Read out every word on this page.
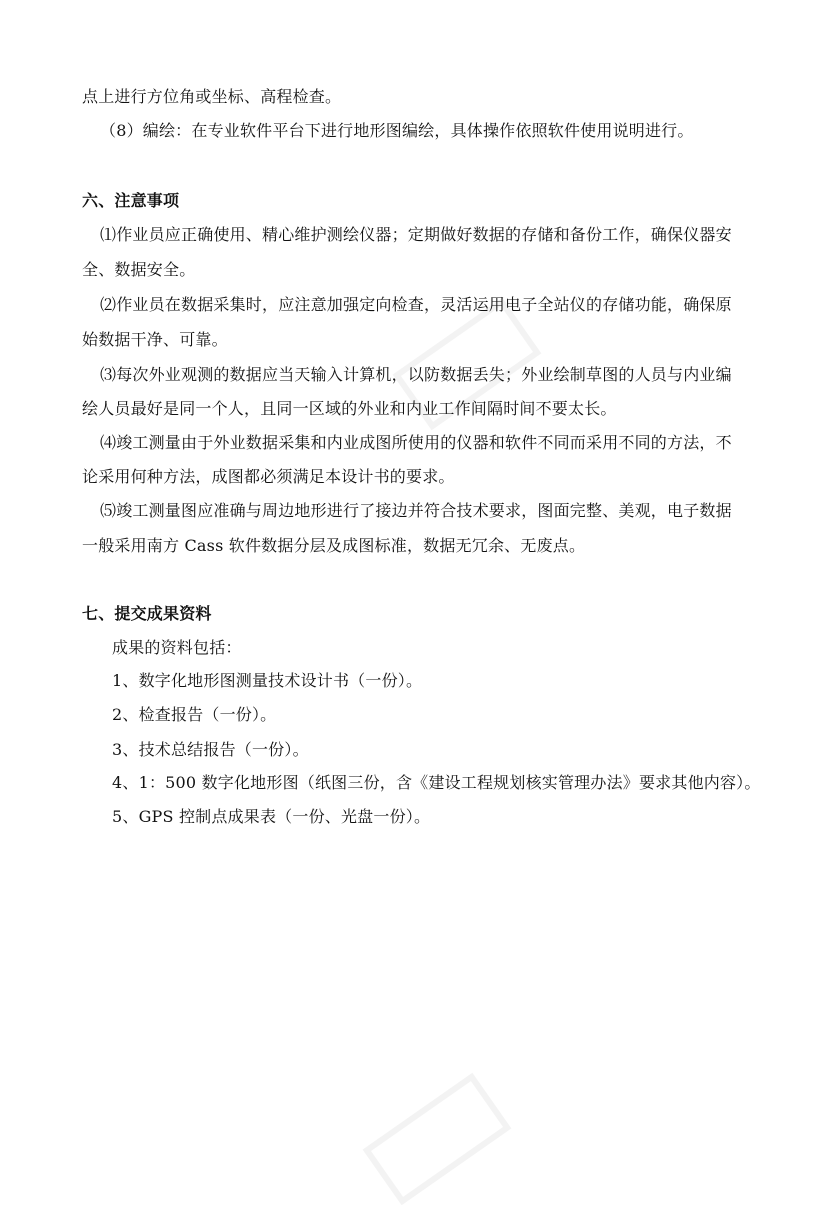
点上进行方位角或坐标、高程检查。
（8）编绘：在专业软件平台下进行地形图编绘，具体操作依照软件使用说明进行。
六、注意事项
⑴作业员应正确使用、精心维护测绘仪器；定期做好数据的存储和备份工作，确保仪器安
全、数据安全。
⑵作业员在数据采集时，应注意加强定向检查，灵活运用电子全站仪的存储功能，确保原
始数据干净、可靠。
⑶每次外业观测的数据应当天输入计算机，以防数据丢失；外业绘制草图的人员与内业编
绘人员最好是同一个人，且同一区域的外业和内业工作间隔时间不要太长。
⑷竣工测量由于外业数据采集和内业成图所使用的仪器和软件不同而采用不同的方法，不
论采用何种方法，成图都必须满足本设计书的要求。
⑸竣工测量图应准确与周边地形进行了接边并符合技术要求，图面完整、美观，电子数据
一般采用南方 Cass 软件数据分层及成图标准，数据无冗余、无废点。
七、提交成果资料
成果的资料包括：
1、数字化地形图测量技术设计书（一份）。
2、检查报告（一份）。
3、技术总结报告（一份）。
4、1：500 数字化地形图（纸图三份，含《建设工程规划核实管理办法》要求其他内容）。
5、GPS 控制点成果表（一份、光盘一份）。
